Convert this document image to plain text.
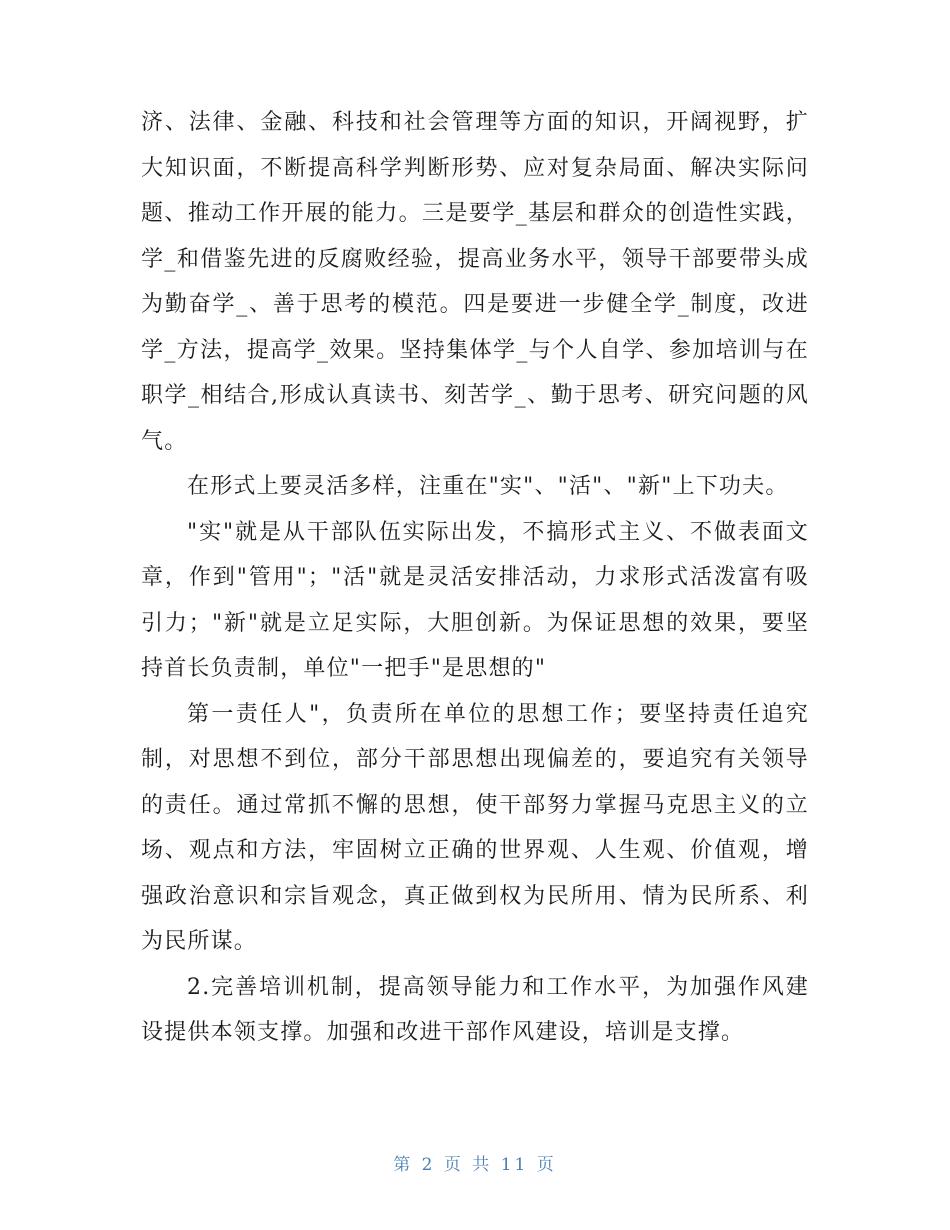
济、法律、金融、科技和社会管理等方面的知识，开阔视野，扩大知识面，不断提高科学判断形势、应对复杂局面、解决实际问题、推动工作开展的能力。三是要学_基层和群众的创造性实践，学_和借鉴先进的反腐败经验，提高业务水平，领导干部要带头成为勤奋学_、善于思考的模范。四是要进一步健全学_制度，改进学_方法，提高学_效果。坚持集体学_与个人自学、参加培训与在职学_相结合,形成认真读书、刻苦学_、勤于思考、研究问题的风气。

在形式上要灵活多样，注重在"实"、"活"、"新"上下功夫。

"实"就是从干部队伍实际出发，不搞形式主义、不做表面文章，作到"管用"；"活"就是灵活安排活动，力求形式活泼富有吸引力；"新"就是立足实际，大胆创新。为保证思想的效果，要坚持首长负责制，单位"一把手"是思想的"

第一责任人"，负责所在单位的思想工作；要坚持责任追究制，对思想不到位，部分干部思想出现偏差的，要追究有关领导的责任。通过常抓不懈的思想，使干部努力掌握马克思主义的立场、观点和方法，牢固树立正确的世界观、人生观、价值观，增强政治意识和宗旨观念，真正做到权为民所用、情为民所系、利为民所谋。

2.完善培训机制，提高领导能力和工作水平，为加强作风建设提供本领支撑。加强和改进干部作风建设，培训是支撑。

第 2 页 共 11 页
